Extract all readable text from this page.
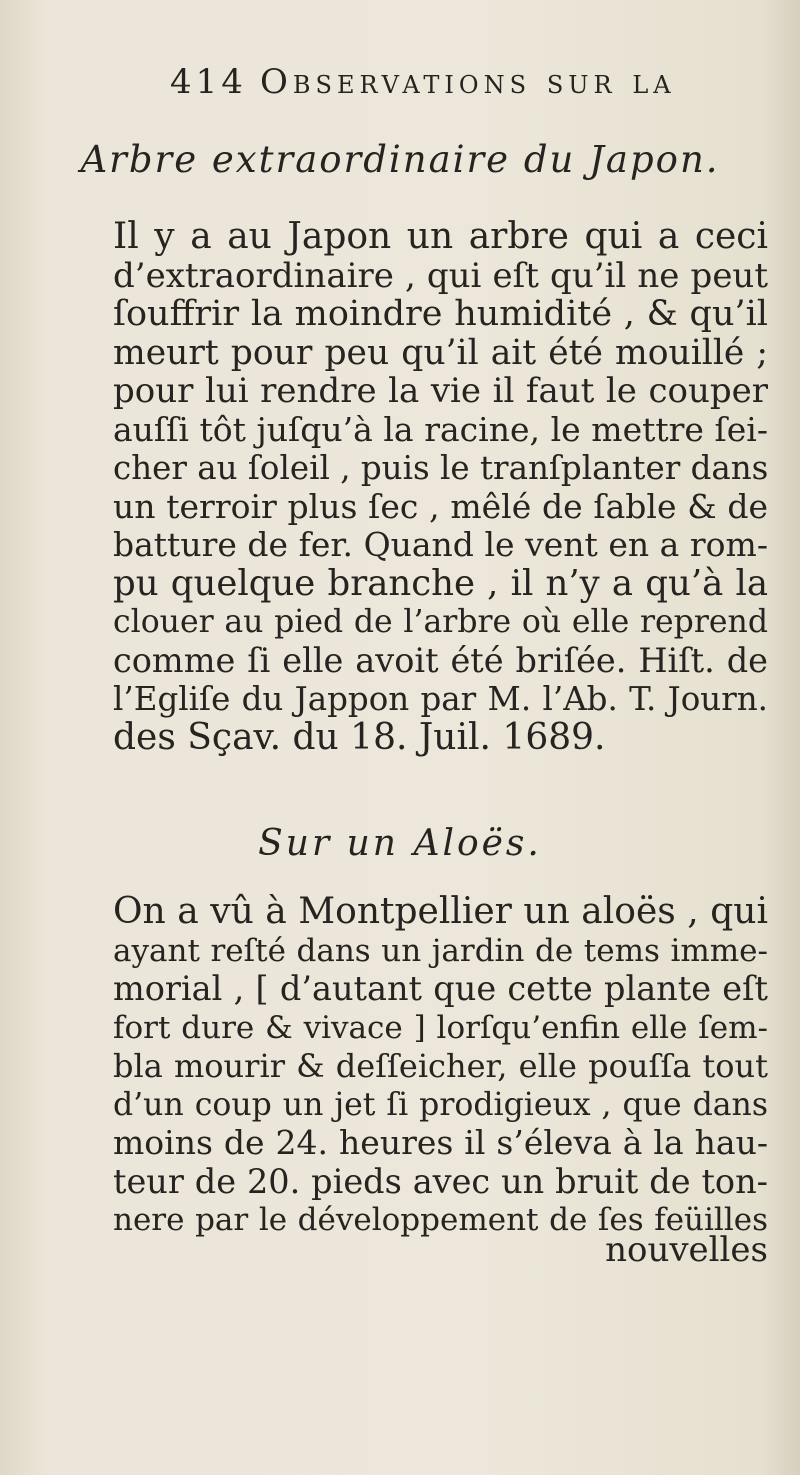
414 Observations sur la
Arbre extraordinaire du Japon.
Il y a au Japon un arbre qui a ceci
d’extraordinaire , qui eſt qu’il ne peut
ſouffrir la moindre humidité , & qu’il
meurt pour peu qu’il ait été mouillé ;
pour lui rendre la vie il faut le couper
auſſi tôt juſqu’à la racine, le mettre ſei-
cher au ſoleil , puis le tranſplanter dans
un terroir plus ſec , mêlé de ſable & de
batture de fer. Quand le vent en a rom-
pu quelque branche , il n’y a qu’à la
clouer au pied de l’arbre où elle reprend
comme ſi elle avoit été briſée. Hiſt. de
l’Egliſe du Jappon par M. l’Ab. T. Journ.
des Sçav. du 18. Juil. 1689.
Sur un Aloës.
On a vû à Montpellier un aloës , qui
ayant reſté dans un jardin de tems imme-
morial , [ d’autant que cette plante eſt
fort dure & vivace ] lorſqu’enfin elle ſem-
bla mourir & deſſeicher, elle pouſſa tout
d’un coup un jet ſi prodigieux , que dans
moins de 24. heures il s’éleva à la hau-
teur de 20. pieds avec un bruit de ton-
nere par le développement de ſes feüilles
nouvelles
